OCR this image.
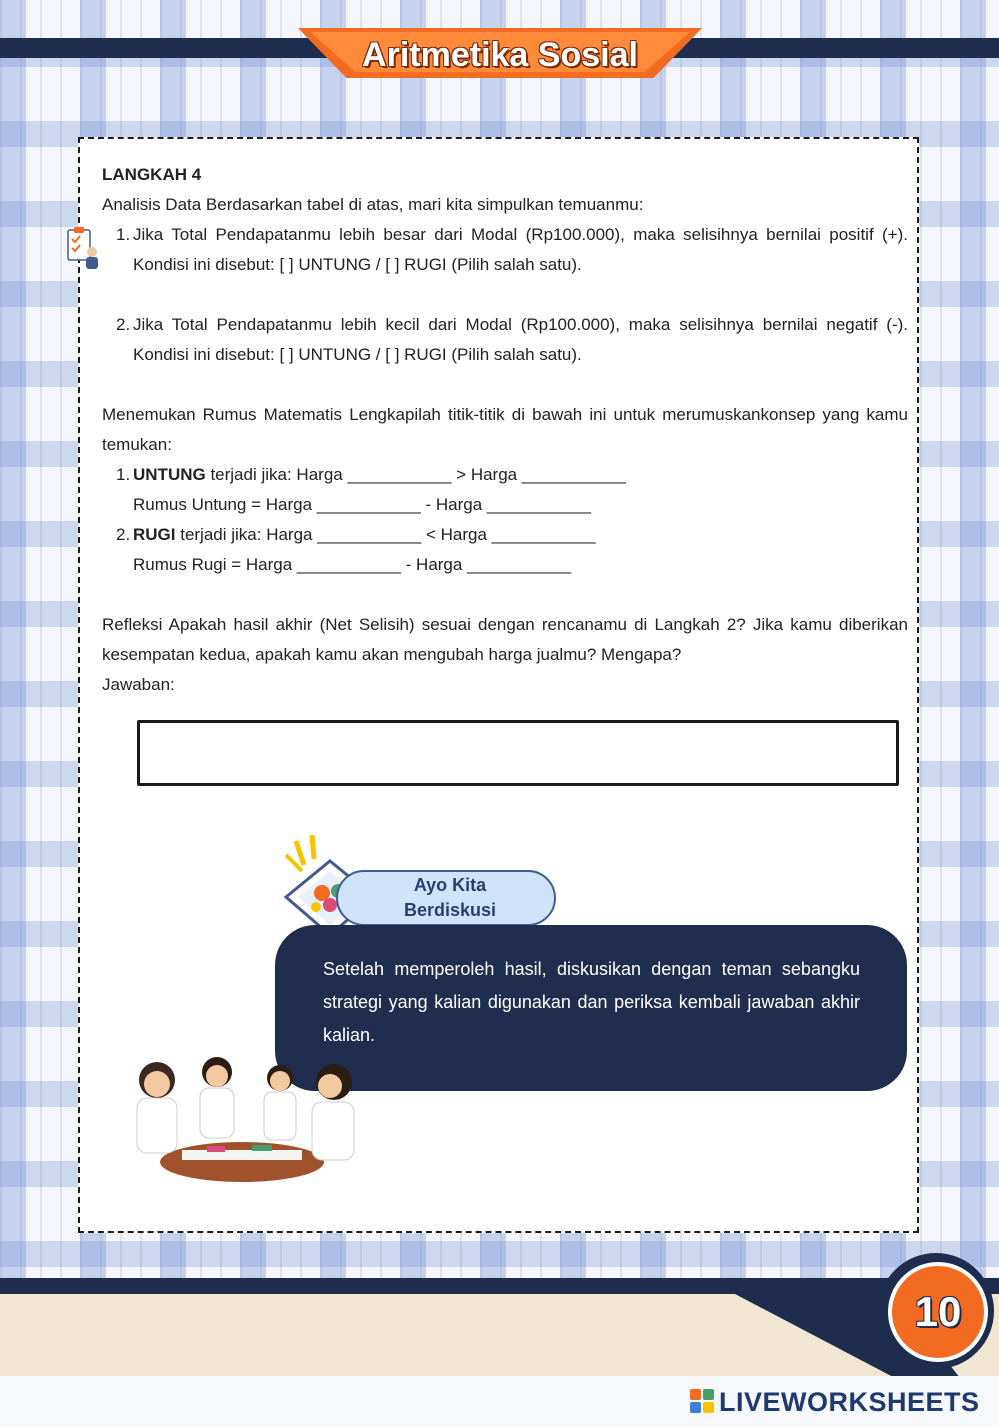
Aritmetika Sosial

LANGKAH 4

Analisis Data Berdasarkan tabel di atas, mari kita simpulkan temuanmu:

1. Jika Total Pendapatanmu lebih besar dari Modal (Rp100.000), maka selisihnya bernilai positif (+). Kondisi ini disebut: [ ] UNTUNG / [ ] RUGI (Pilih salah satu).
2. Jika Total Pendapatanmu lebih kecil dari Modal (Rp100.000), maka selisihnya bernilai negatif (-). Kondisi ini disebut: [ ] UNTUNG / [ ] RUGI (Pilih salah satu).

Menemukan Rumus Matematis Lengkapilah titik-titik di bawah ini untuk merumuskankonsep yang kamu temukan:

1. UNTUNG terjadi jika: Harga ___________ > Harga ___________
Rumus Untung = Harga ___________ - Harga ___________
2. RUGI terjadi jika: Harga ___________ < Harga ___________
Rumus Rugi = Harga ___________ - Harga ___________

Refleksi Apakah hasil akhir (Net Selisih) sesuai dengan rencanamu di Langkah 2? Jika kamu diberikan kesempatan kedua, apakah kamu akan mengubah harga jualmu? Mengapa?

Jawaban:

Ayo Kita
Berdiskusi
Setelah memperoleh hasil, diskusikan dengan teman sebangku strategi yang kalian digunakan dan periksa kembali jawaban akhir kalian.
10
LIVEWORKSHEETS
